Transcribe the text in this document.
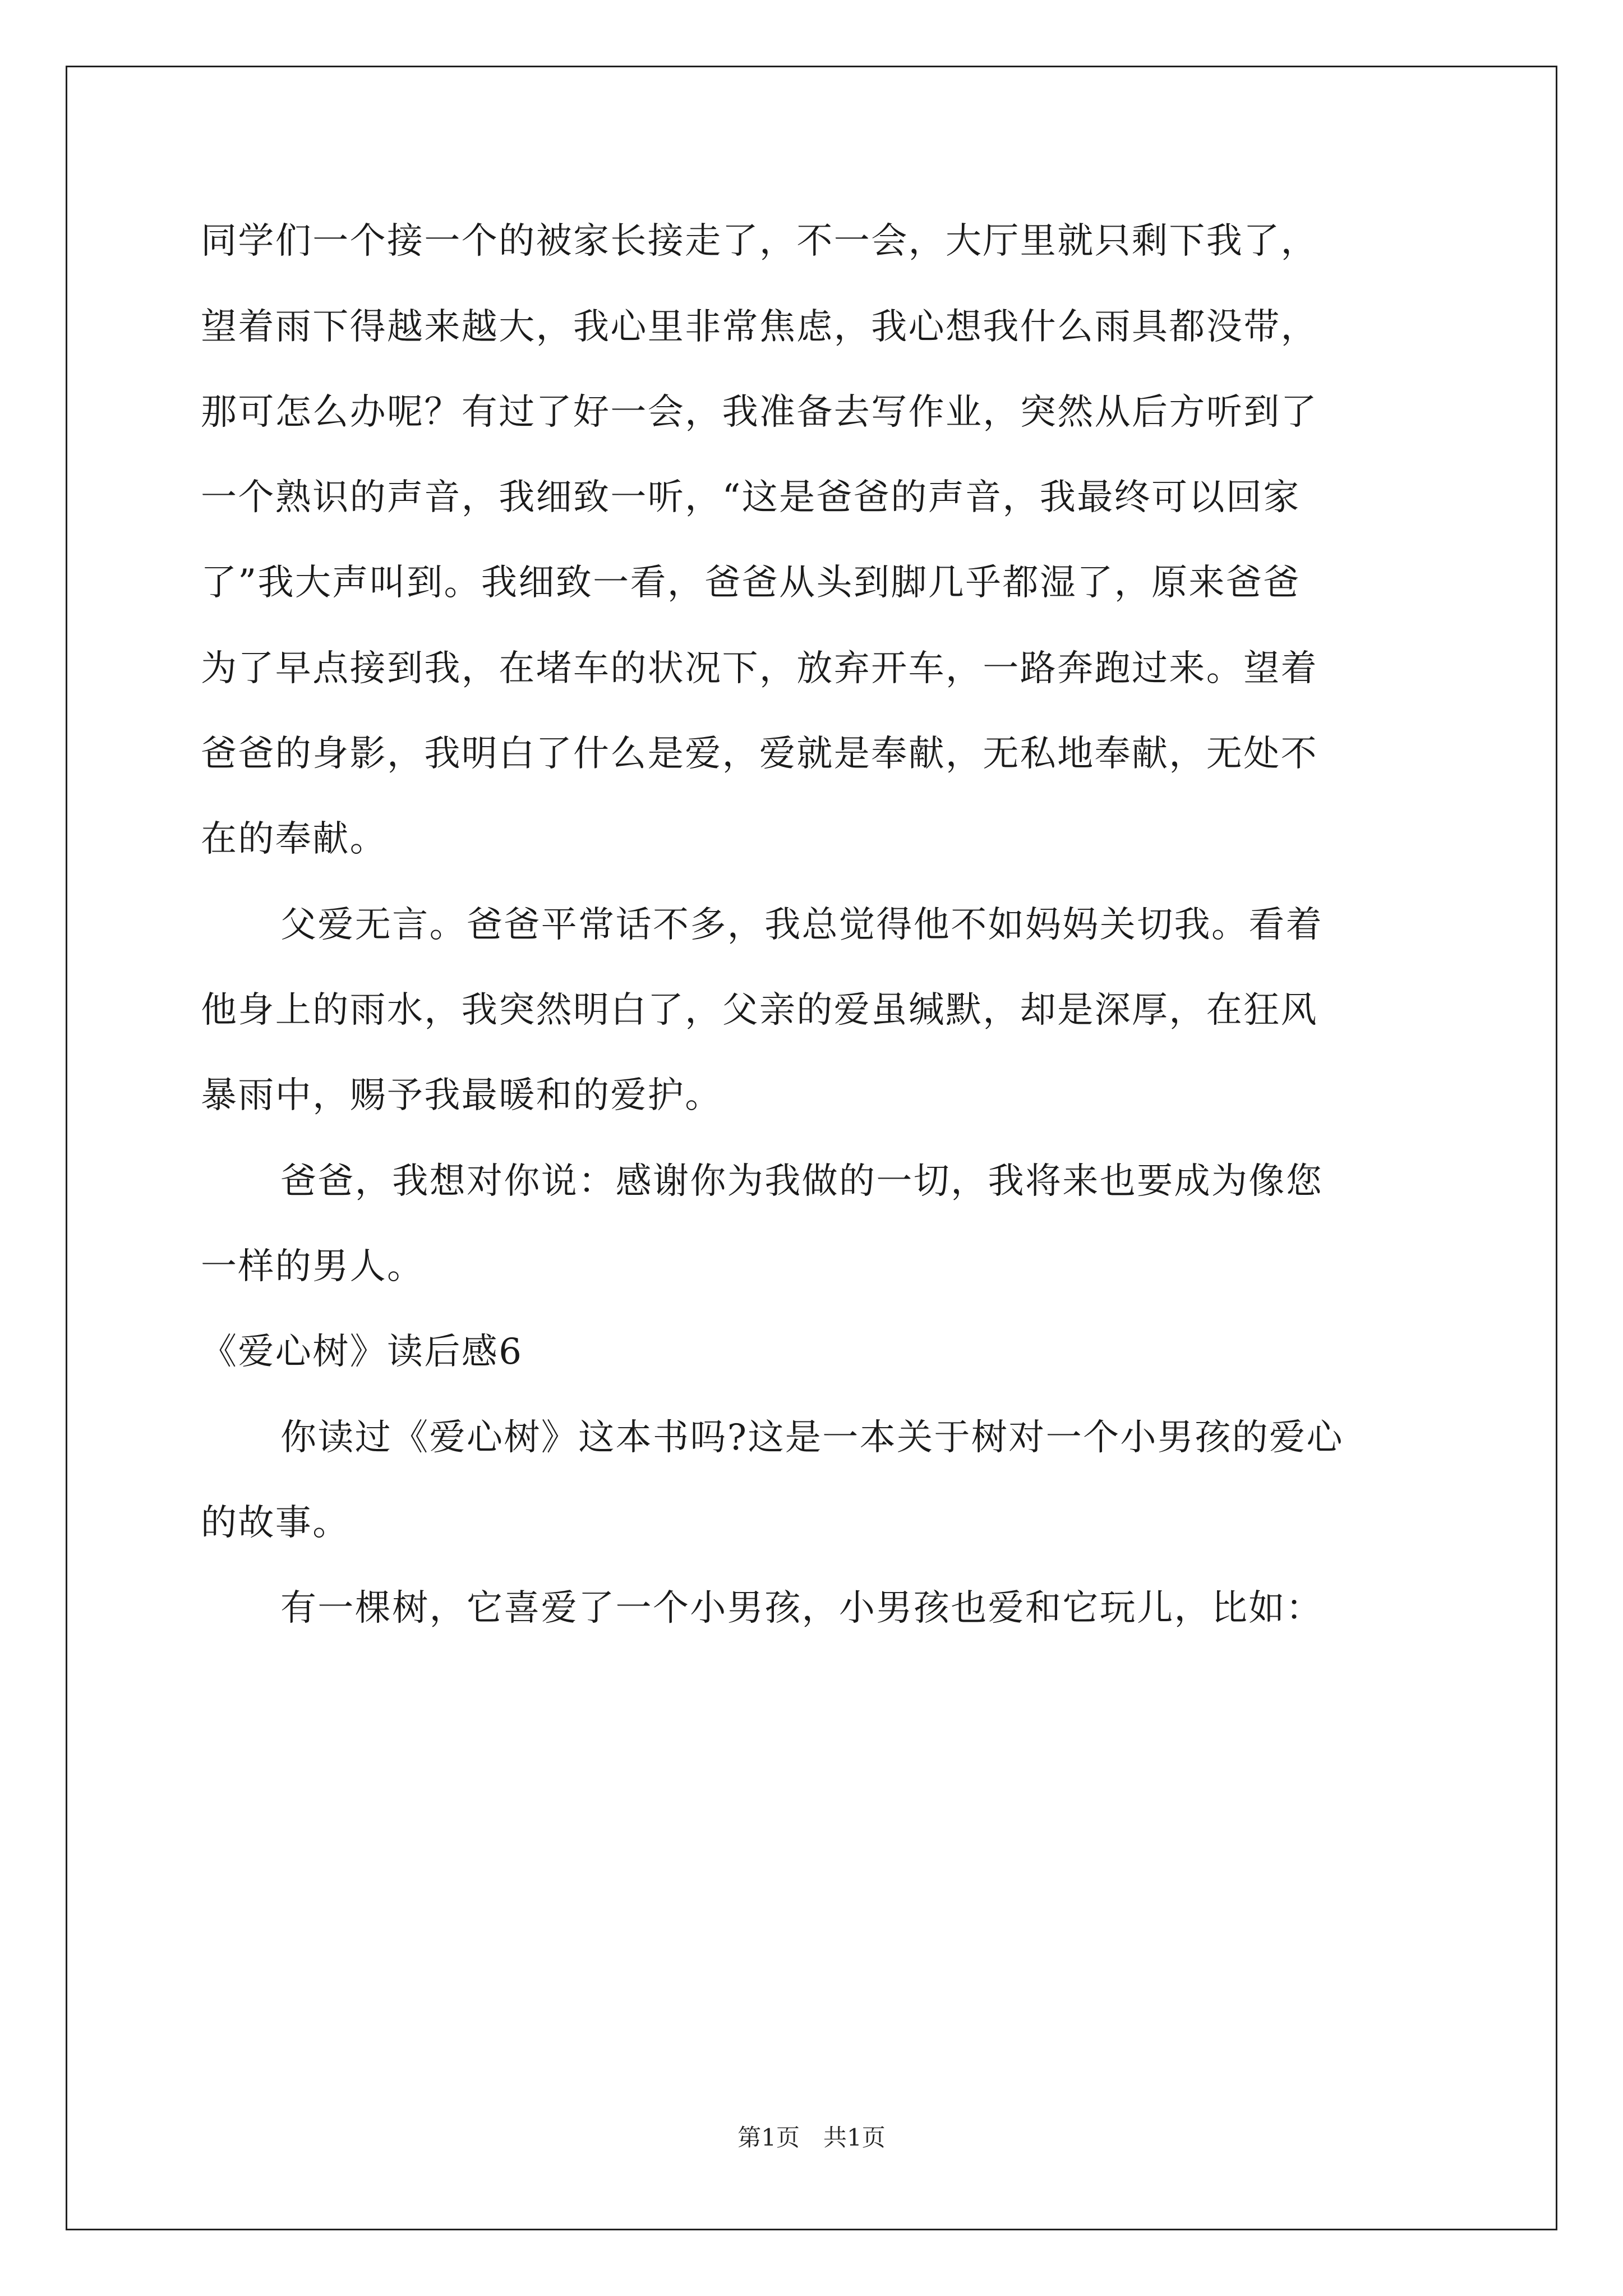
同学们一个接一个的被家长接走了，不一会，大厅里就只剩下我了，
望着雨下得越来越大，我心里非常焦虑，我心想我什么雨具都没带，
那可怎么办呢？有过了好一会，我准备去写作业，突然从后方听到了
一个熟识的声音，我细致一听，“这是爸爸的声音，我最终可以回家
了”我大声叫到。我细致一看，爸爸从头到脚几乎都湿了，原来爸爸
为了早点接到我，在堵车的状况下，放弃开车，一路奔跑过来。望着
爸爸的身影，我明白了什么是爱，爱就是奉献，无私地奉献，无处不
在的奉献。
父爱无言。爸爸平常话不多，我总觉得他不如妈妈关切我。看着
他身上的雨水，我突然明白了，父亲的爱虽缄默，却是深厚，在狂风
暴雨中，赐予我最暖和的爱护。
爸爸，我想对你说：感谢你为我做的一切，我将来也要成为像您
一样的男人。
《爱心树》读后感6
你读过《爱心树》这本书吗?这是一本关于树对一个小男孩的爱心
的故事。
有一棵树，它喜爱了一个小男孩，小男孩也爱和它玩儿，比如：
第1页　共1页
